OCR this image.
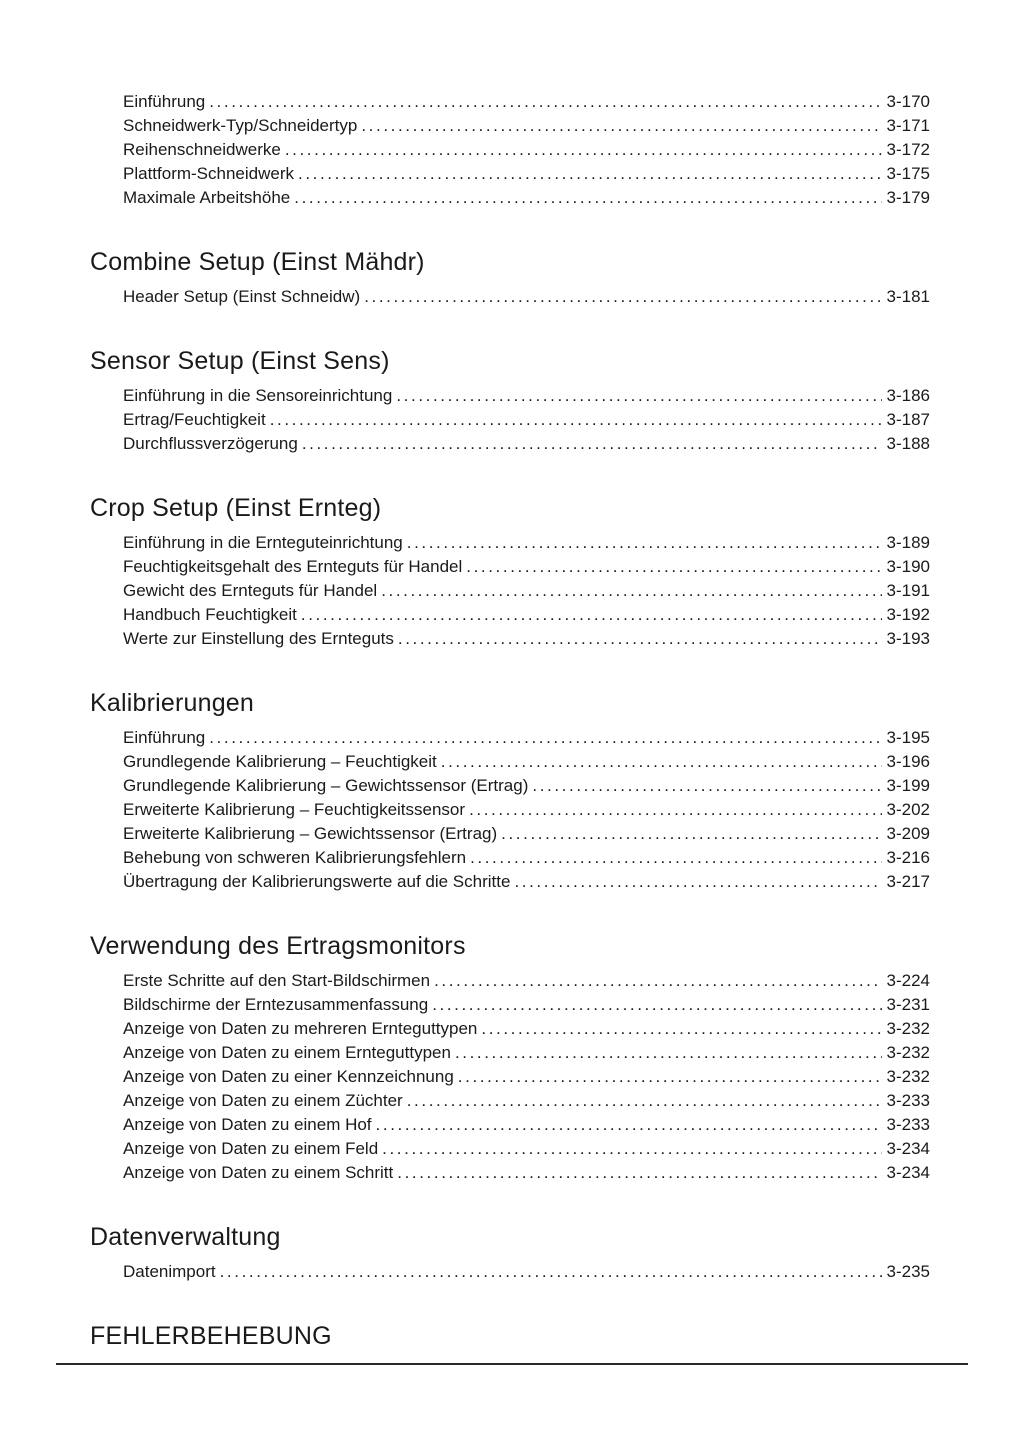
Einführung .....	3-170
Schneidwerk-Typ/Schneidertyp .....	3-171
Reihenschneidwerke .....	3-172
Plattform-Schneidwerk .....	3-175
Maximale Arbeitshöhe .....	3-179
Combine Setup (Einst Mähdr)
Header Setup (Einst Schneidw) .....	3-181
Sensor Setup (Einst Sens)
Einführung in die Sensoreinrichtung .....	3-186
Ertrag/Feuchtigkeit .....	3-187
Durchflussverzögerung .....	3-188
Crop Setup (Einst Ernteg)
Einführung in die Ernteguteinrichtung .....	3-189
Feuchtigkeitsgehalt des Ernteguts für Handel .....	3-190
Gewicht des Ernteguts für Handel .....	3-191
Handbuch Feuchtigkeit .....	3-192
Werte zur Einstellung des Ernteguts .....	3-193
Kalibrierungen
Einführung .....	3-195
Grundlegende Kalibrierung – Feuchtigkeit .....	3-196
Grundlegende Kalibrierung – Gewichtssensor (Ertrag) .....	3-199
Erweiterte Kalibrierung – Feuchtigkeitssensor .....	3-202
Erweiterte Kalibrierung – Gewichtssensor (Ertrag) .....	3-209
Behebung von schweren Kalibrierungsfehlern .....	3-216
Übertragung der Kalibrierungswerte auf die Schritte .....	3-217
Verwendung des Ertragsmonitors
Erste Schritte auf den Start-Bildschirmen .....	3-224
Bildschirme der Erntezusammenfassung .....	3-231
Anzeige von Daten zu mehreren Ernteguttypen .....	3-232
Anzeige von Daten zu einem Ernteguttypen .....	3-232
Anzeige von Daten zu einer Kennzeichnung .....	3-232
Anzeige von Daten zu einem Züchter .....	3-233
Anzeige von Daten zu einem Hof .....	3-233
Anzeige von Daten zu einem Feld .....	3-234
Anzeige von Daten zu einem Schritt .....	3-234
Datenverwaltung
Datenimport .....	3-235
FEHLERBEHEBUNG
